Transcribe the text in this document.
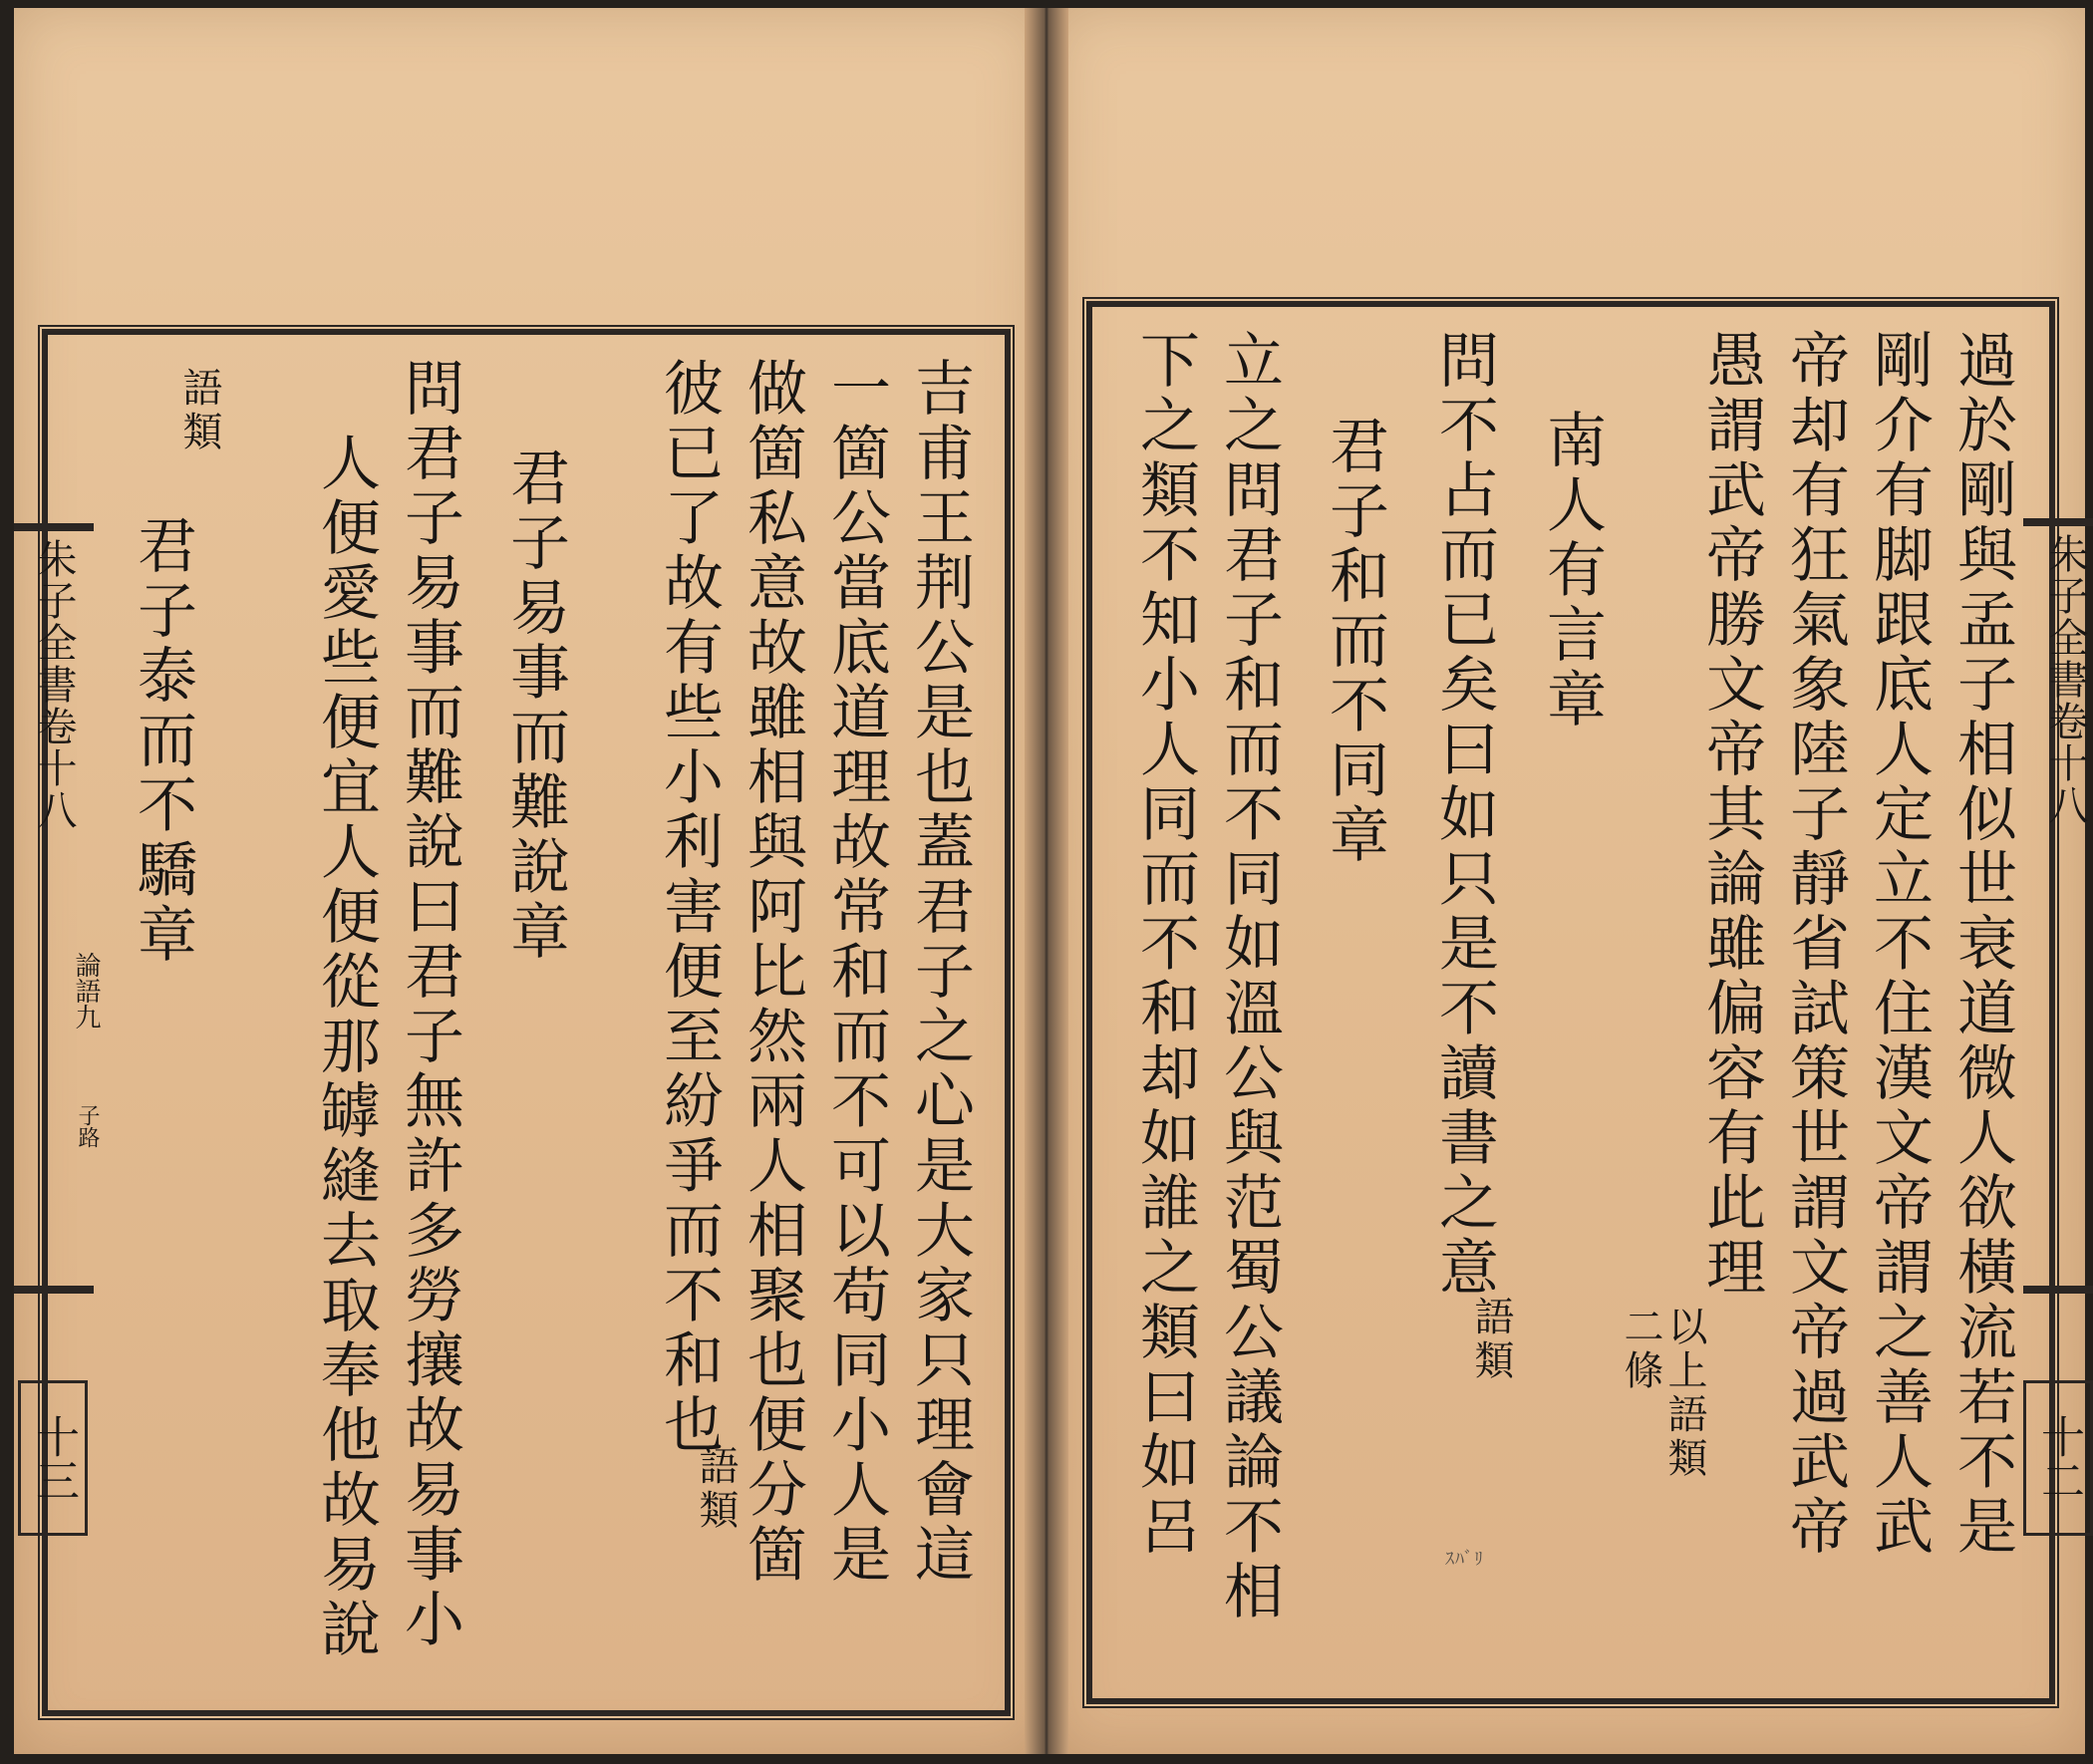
吉甫王荆公是也蓋君子之心是大家只理會這
一箇公當底道理故常和而不可以苟同小人是
做箇私意故雖相與阿比然兩人相聚也便分箇
彼已了故有些小利害便至紛爭而不和也
語類
君子易事而難說章
問君子易事而難說曰君子無許多勞攘故易事小
人便愛些便宜人便從那罅縫去取奉他故易說
語類
君子泰而不驕章
朱子全書卷十八
論語九
子路
十三	過於剛與孟子相似世衰道微人欲橫流若不是
剛介有脚跟底人定立不住漢文帝謂之善人武
帝却有狂氣象陸子靜省試策世謂文帝過武帝
愚謂武帝勝文帝其論雖偏容有此理
以上語類二條
南人有言章
問不占而已矣曰如只是不讀書之意
語類
君子和而不同章
立之問君子和而不同如溫公與范蜀公議論不相
下之類不知小人同而不和却如誰之類曰如呂	ｽﾊﾞﾘ
朱子全書卷十八
十二
